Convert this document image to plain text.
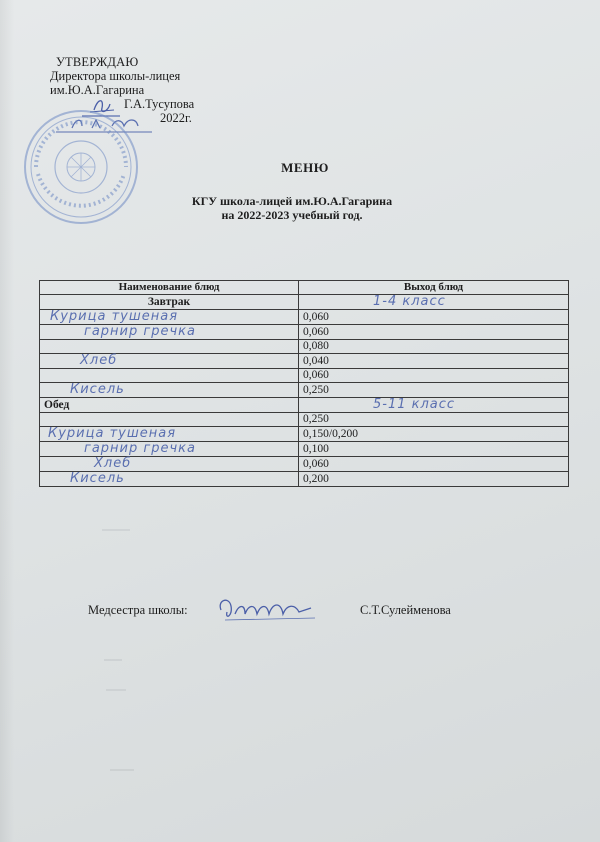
УТВЕРЖДАЮ
Директора школы-лицея
им.Ю.А.Гагарина
Г.А.Тусупова
2022г.
МЕНЮ
КГУ школа-лицей им.Ю.А.Гагарина
на 2022-2023 учебный год.
Наименование блюд	Выход блюд
Завтрак	1-4 класс
Курица тушеная	0,060
гарнир гречка	0,060
	0,080
Хлеб	0,040
	0,060
Кисель	0,250
Обед	5-11 класс
	0,250
Курица тушеная	0,150/0,200
гарнир гречка	0,100
Хлеб	0,060
Кисель	0,200
Медсестра школы:	С.Т.Сулейменова
